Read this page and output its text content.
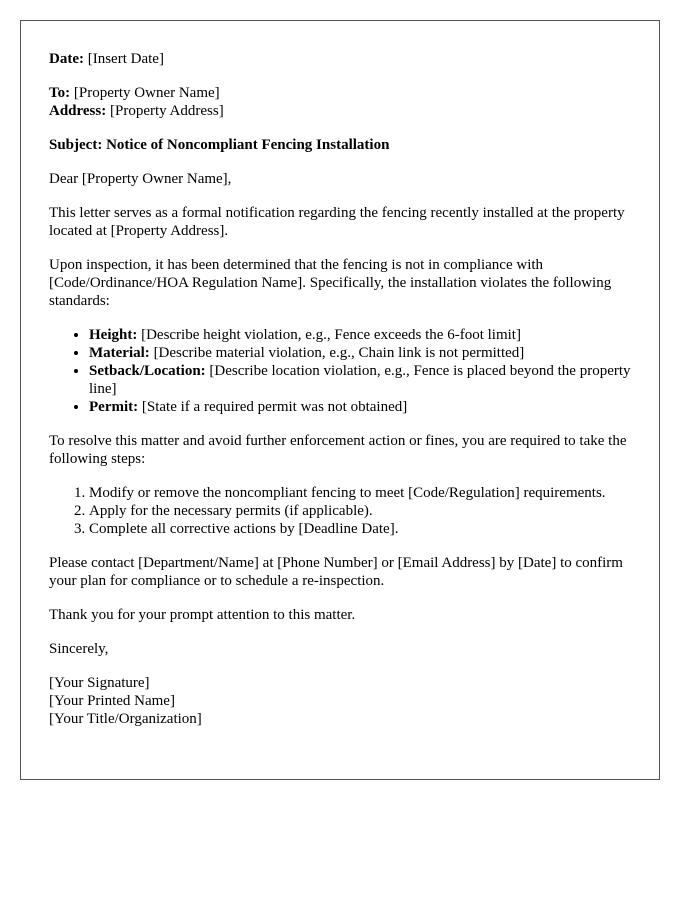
Date: [Insert Date]

To: [Property Owner Name]

Address: [Property Address]

Subject: Notice of Noncompliant Fencing Installation

Dear [Property Owner Name],

This letter serves as a formal notification regarding the fencing recently installed at the property located at [Property Address].

Upon inspection, it has been determined that the fencing is not in compliance with [Code/Ordinance/HOA Regulation Name]. Specifically, the installation violates the following standards:

• Height: [Describe height violation, e.g., Fence exceeds the 6-foot limit]
• Material: [Describe material violation, e.g., Chain link is not permitted]
• Setback/Location: [Describe location violation, e.g., Fence is placed beyond the property line]
• Permit: [State if a required permit was not obtained]

To resolve this matter and avoid further enforcement action or fines, you are required to take the following steps:

1. Modify or remove the noncompliant fencing to meet [Code/Regulation] requirements.
2. Apply for the necessary permits (if applicable).
3. Complete all corrective actions by [Deadline Date].

Please contact [Department/Name] at [Phone Number] or [Email Address] by [Date] to confirm your plan for compliance or to schedule a re-inspection.

Thank you for your prompt attention to this matter.

Sincerely,

[Your Signature]
[Your Printed Name]
[Your Title/Organization]
